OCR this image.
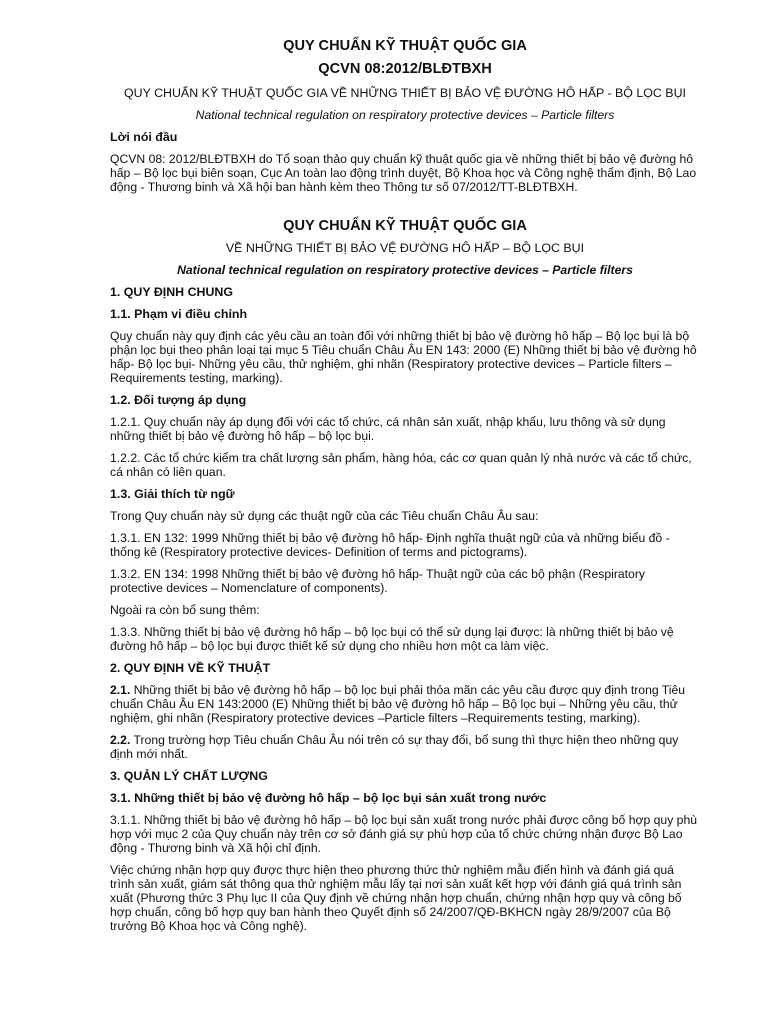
QUY CHUẨN KỸ THUẬT QUỐC GIA

QCVN 08:2012/BLĐTBXH

QUY CHUẨN KỸ THUẬT QUỐC GIA VỀ NHỮNG THIẾT BỊ BẢO VỆ ĐƯỜNG HÔ HẤP - BỘ LỌC BỤI

National technical regulation on respiratory protective devices – Particle filters

Lời nói đầu

QCVN 08: 2012/BLĐTBXH do Tổ soạn thảo quy chuẩn kỹ thuật quốc gia về những thiết bị bảo vệ đường hô hấp – Bộ lọc bụi biên soạn, Cục An toàn lao động trình duyệt, Bộ Khoa học và Công nghệ thẩm định, Bộ Lao động - Thương binh và Xã hội ban hành kèm theo Thông tư số 07/2012/TT-BLĐTBXH.

QUY CHUẨN KỸ THUẬT QUỐC GIA

VỀ NHỮNG THIẾT BỊ BẢO VỆ ĐƯỜNG HÔ HẤP – BỘ LỌC BỤI

National technical regulation on respiratory protective devices – Particle filters

1. QUY ĐỊNH CHUNG

1.1. Phạm vi điều chỉnh

Quy chuẩn này quy định các yêu cầu an toàn đối với những thiết bị bảo vệ đường hô hấp – Bộ lọc bụi là bộ phận lọc bụi theo phân loại tại mục 5 Tiêu chuẩn Châu Âu EN 143: 2000 (E) Những thiết bị bảo vệ đường hô hấp- Bộ lọc bụi- Những yêu cầu, thử nghiệm, ghi nhãn (Respiratory protective devices – Particle filters –Requirements testing, marking).

1.2. Đối tượng áp dụng

1.2.1. Quy chuẩn này áp dụng đối với các tổ chức, cá nhân sản xuất, nhập khẩu, lưu thông và sử dụng những thiết bị bảo vệ đường hô hấp – bộ lọc bụi.

1.2.2. Các tổ chức kiểm tra chất lượng sản phẩm, hàng hóa, các cơ quan quản lý nhà nước và các tổ chức, cá nhân có liên quan.

1.3. Giải thích từ ngữ

Trong Quy chuẩn này sử dụng các thuật ngữ của các Tiêu chuẩn Châu Âu sau:

1.3.1. EN 132: 1999 Những thiết bị bảo vệ đường hô hấp- Định nghĩa thuật ngữ của và những biểu đồ - thống kê (Respiratory protective devices- Definition of terms and pictograms).

1.3.2. EN 134: 1998 Những thiết bị bảo vệ đường hô hấp- Thuật ngữ của các bộ phận (Respiratory protective devices – Nomenclature of components).

Ngoài ra còn bổ sung thêm:

1.3.3. Những thiết bị bảo vệ đường hô hấp – bộ lọc bụi có thể sử dụng lại được: là những thiết bị bảo vệ đường hô hấp – bộ lọc bụi được thiết kế sử dụng cho nhiều hơn một ca làm việc.

2. QUY ĐỊNH VỀ KỸ THUẬT

2.1. Những thiết bị bảo vệ đường hô hấp – bộ lọc bụi phải thỏa mãn các yêu cầu được quy định trong Tiêu chuẩn Châu Âu EN 143:2000 (E) Những thiết bị bảo vệ đường hô hấp – Bộ lọc bụi – Những yêu cầu, thử nghiệm, ghi nhãn (Respiratory protective devices –Particle filters –Requirements testing, marking).

2.2. Trong trường hợp Tiêu chuẩn Châu Âu nói trên có sự thay đổi, bổ sung thì thực hiện theo những quy định mới nhất.

3. QUẢN LÝ CHẤT LƯỢNG

3.1. Những thiết bị bảo vệ đường hô hấp – bộ lọc bụi sản xuất trong nước

3.1.1. Những thiết bị bảo vệ đường hô hấp – bộ lọc bụi sản xuất trong nước phải được công bố hợp quy phù hợp với mục 2 của Quy chuẩn này trên cơ sở đánh giá sự phù hợp của tổ chức chứng nhận được Bộ Lao động - Thương binh và Xã hội chỉ định.

Việc chứng nhận hợp quy được thực hiện theo phương thức thử nghiệm mẫu điển hình và đánh giá quá trình sản xuất, giám sát thông qua thử nghiệm mẫu lấy tại nơi sản xuất kết hợp với đánh giá quá trình sản xuất (Phương thức 3 Phụ lục II của Quy định về chứng nhận hợp chuẩn, chứng nhận hợp quy và công bố hợp chuẩn, công bố hợp quy ban hành theo Quyết định số 24/2007/QĐ-BKHCN ngày 28/9/2007 của Bộ trưởng Bộ Khoa học và Công nghệ).
